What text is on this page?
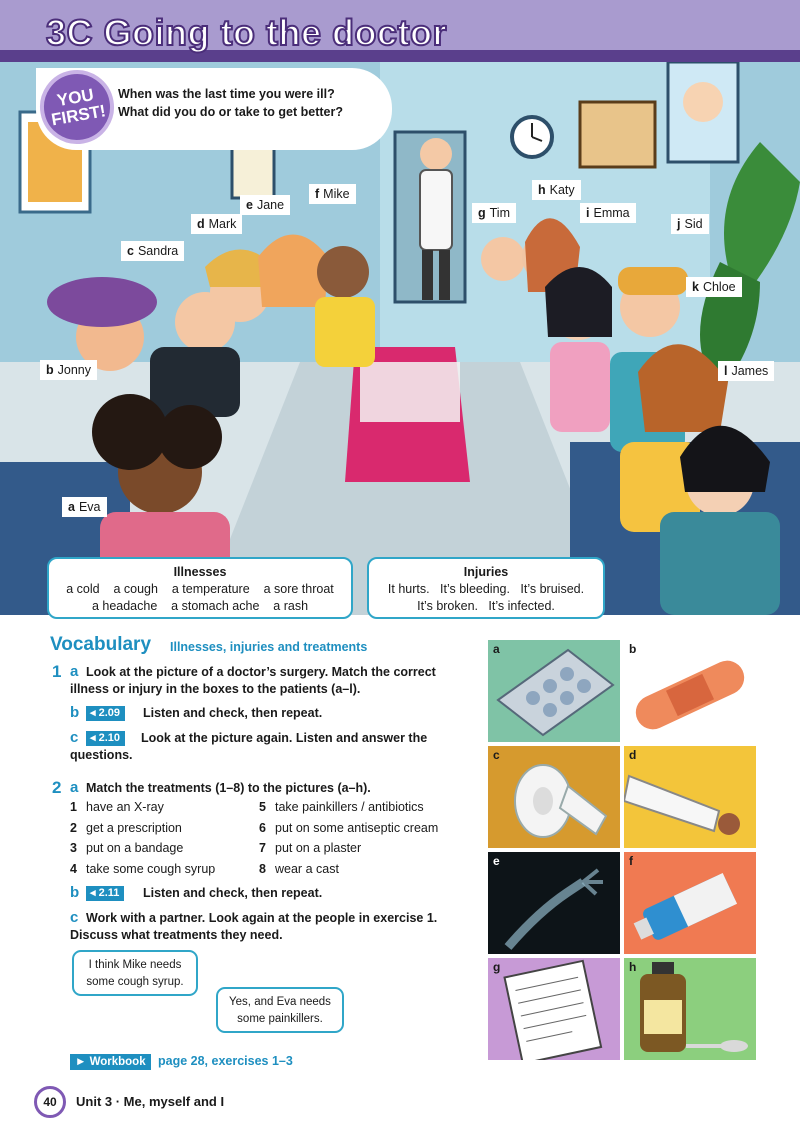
3C Going to the doctor
YOU FIRST!
When was the last time you were ill?
What did you do or take to get better?
a Eva
b Jonny
c Sandra
d Mark
e Jane
f Mike
g Tim
h Katy
i Emma
j Sid
k Chloe
l James
Illnesses
a cold    a cough    a temperature    a sore throat
a headache    a stomach ache    a rash
Injuries
It hurts.   It’s bleeding.   It’s bruised.
It’s broken.   It’s infected.
Vocabulary Illnesses, injuries and treatments
1 a Look at the picture of a doctor’s surgery. Match the correct illness or injury in the boxes to the patients (a–l).
b ◂ 2.09	Listen and check, then repeat.
c	◂ 2.10	Look at the picture again. Listen and answer the questions.
2 a Match the treatments (1–8) to the pictures (a–h).
1 have an X-ray
2 get a prescription
3 put on a bandage
4 take some cough syrup
5 take painkillers / antibiotics
6 put on some antiseptic cream
7 put on a plaster
8 wear a cast
b ◂ 2.11	Listen and check, then repeat.
c Work with a partner. Look again at the people in exercise 1. Discuss what treatments they need.
I think Mike needs some cough syrup.
Yes, and Eva needs some painkillers.
► Workbook page 28, exercises 1–3
a	b
c	d
e	f
g	h
40	Unit 3 · Me, myself and I
